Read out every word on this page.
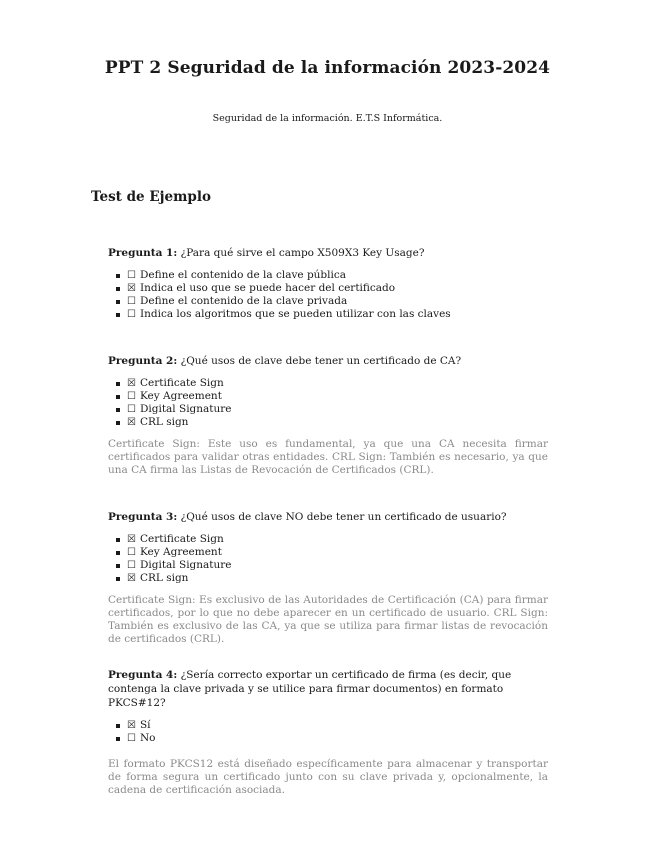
PPT 2 Seguridad de la información 2023-2024
Seguridad de la información. E.T.S Informática.
Test de Ejemplo

Pregunta 1: ¿Para qué sirve el campo X509X3 Key Usage?

☐ Define el contenido de la clave pública
☒ Indica el uso que se puede hacer del certificado
☐ Define el contenido de la clave privada
☐ Indica los algoritmos que se pueden utilizar con las claves

Pregunta 2: ¿Qué usos de clave debe tener un certificado de CA?

☒ Certificate Sign
☐ Key Agreement
☐ Digital Signature
☒ CRL sign

Certificate Sign: Este uso es fundamental, ya que una CA necesita firmar certificados para validar otras entidades. CRL Sign: También es necesario, ya que una CA firma las Listas de Revocación de Certificados (CRL).

Pregunta 3: ¿Qué usos de clave NO debe tener un certificado de usuario?

☒ Certificate Sign
☐ Key Agreement
☐ Digital Signature
☒ CRL sign

Certificate Sign: Es exclusivo de las Autoridades de Certificación (CA) para firmar certificados, por lo que no debe aparecer en un certificado de usuario. CRL Sign: También es exclusivo de las CA, ya que se utiliza para firmar listas de revocación de certificados (CRL).

Pregunta 4: ¿Sería correcto exportar un certificado de firma (es decir, que contenga la clave privada y se utilice para firmar documentos) en formato PKCS#12?

☒ Sí
☐ No

El formato PKCS12 está diseñado específicamente para almacenar y transportar de forma segura un certificado junto con su clave privada y, opcionalmente, la cadena de certificación asociada.
